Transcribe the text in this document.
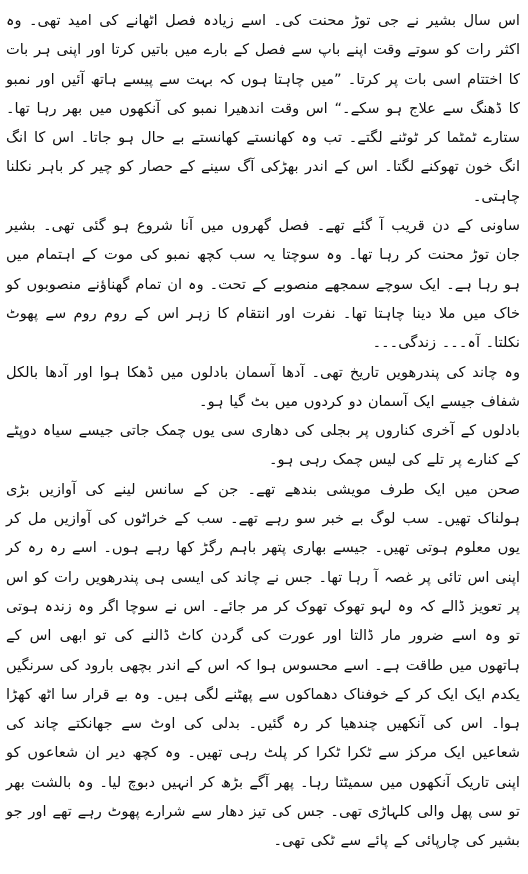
اس سال بشیر نے جی توڑ محنت کی۔ اسے زیادہ فصل اٹھانے کی امید تھی۔ وہ اکثر رات کو سوتے وقت اپنے باپ سے فصل کے بارے میں باتیں کرتا اور اپنی ہر بات کا اختتام اسی بات پر کرتا۔ ”میں چاہتا ہوں کہ بہت سے پیسے ہاتھ آئیں اور نمبو کا ڈھنگ سے علاج ہو سکے۔“ اس وقت اندھیرا نمبو کی آنکھوں میں بھر رہا تھا۔ ستارے ٹمٹما کر ٹوٹنے لگتے۔ تب وہ کھانستے کھانستے بے حال ہو جاتا۔ اس کا انگ انگ خون تھوکنے لگتا۔ اس کے اندر بھڑکی آگ سینے کے حصار کو چیر کر باہر نکلنا چاہتی۔

ساونی کے دن قریب آ گئے تھے۔ فصل گھروں میں آنا شروع ہو گئی تھی۔ بشیر جان توڑ محنت کر رہا تھا۔ وہ سوچتا یہ سب کچھ نمبو کی موت کے اہتمام میں ہو رہا ہے۔ ایک سوچے سمجھے منصوبے کے تحت۔ وہ ان تمام گھناؤنے منصوبوں کو خاک میں ملا دینا چاہتا تھا۔ نفرت اور انتقام کا زہر اس کے روم روم سے پھوٹ نکلتا۔ آہ۔۔۔ زندگی۔۔۔

وہ چاند کی پندرھویں تاریخ تھی۔ آدھا آسمان بادلوں میں ڈھکا ہوا اور آدھا بالکل شفاف جیسے ایک آسمان دو کردوں میں بٹ گیا ہو۔

بادلوں کے آخری کناروں پر بجلی کی دھاری سی یوں چمک جاتی جیسے سیاہ دوپٹے کے کنارے پر تلے کی لیس چمک رہی ہو۔

صحن میں ایک طرف مویشی بندھے تھے۔ جن کے سانس لینے کی آوازیں بڑی ہولناک تھیں۔ سب لوگ بے خبر سو رہے تھے۔ سب کے خراٹوں کی آوازیں مل کر یوں معلوم ہوتی تھیں۔ جیسے بھاری پتھر باہم رگڑ کھا رہے ہوں۔ اسے رہ رہ کر اپنی اس تائی پر غصہ آ رہا تھا۔ جس نے چاند کی ایسی ہی پندرھویں رات کو اس پر تعویز ڈالے کہ وہ لہو تھوک تھوک کر مر جائے۔ اس نے سوچا اگر وہ زندہ ہوتی تو وہ اسے ضرور مار ڈالتا اور عورت کی گردن کاٹ ڈالنے کی تو ابھی اس کے ہاتھوں میں طاقت ہے۔ اسے محسوس ہوا کہ اس کے اندر بچھی بارود کی سرنگیں یکدم ایک ایک کر کے خوفناک دھماکوں سے پھٹنے لگی ہیں۔ وہ بے قرار سا اٹھ کھڑا ہوا۔ اس کی آنکھیں چندھیا کر رہ گئیں۔ بدلی کی اوٹ سے جھانکتے چاند کی شعاعیں ایک مرکز سے ٹکرا ٹکرا کر پلٹ رہی تھیں۔ وہ کچھ دیر ان شعاعوں کو اپنی تاریک آنکھوں میں سمیٹتا رہا۔ پھر آگے بڑھ کر انہیں دبوچ لیا۔ وہ بالشت بھر تو سی پھل والی کلہاڑی تھی۔ جس کی تیز دھار سے شرارے پھوٹ رہے تھے اور جو بشیر کی چارپائی کے پائے سے ٹکی تھی۔
